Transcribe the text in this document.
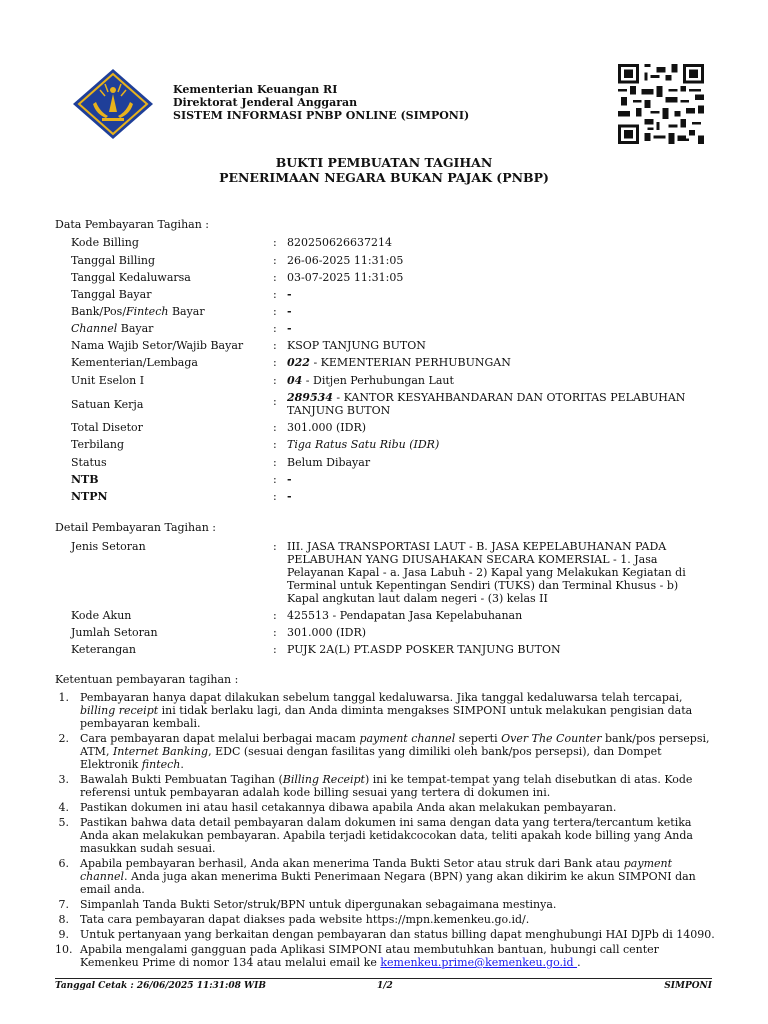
Kementerian Keuangan RI
Direktorat Jenderal Anggaran
SISTEM INFORMASI PNBP ONLINE (SIMPONI)
BUKTI PEMBUATAN TAGIHAN
PENERIMAAN NEGARA BUKAN PAJAK (PNBP)
Data Pembayaran Tagihan :
Kode Billing	: 820250626637214
Tanggal Billing	: 26-06-2025 11:31:05
Tanggal Kedaluwarsa	: 03-07-2025 11:31:05
Tanggal Bayar	: -
Bank/Pos/Fintech Bayar	: -
Channel Bayar	: -
Nama Wajib Setor/Wajib Bayar	: KSOP TANJUNG BUTON
Kementerian/Lembaga	: 022 - KEMENTERIAN PERHUBUNGAN
Unit Eselon I	: 04 - Ditjen Perhubungan Laut
Satuan Kerja	: 289534 - KANTOR KESYAHBANDARAN DAN OTORITAS PELABUHAN TANJUNG BUTON
Total Disetor	: 301.000 (IDR)
Terbilang	: Tiga Ratus Satu Ribu (IDR)
Status	: Belum Dibayar
NTB	: -
NTPN	: -
Detail Pembayaran Tagihan :
Jenis Setoran	: III. JASA TRANSPORTASI LAUT - B. JASA KEPELABUHANAN PADA PELABUHAN YANG DIUSAHAKAN SECARA KOMERSIAL - 1. Jasa Pelayanan Kapal - a. Jasa Labuh - 2) Kapal yang Melakukan Kegiatan di Terminal untuk Kepentingan Sendiri (TUKS) dan Terminal Khusus - b) Kapal angkutan laut dalam negeri - (3) kelas II
Kode Akun	: 425513 - Pendapatan Jasa Kepelabuhanan
Jumlah Setoran	: 301.000 (IDR)
Keterangan	: PUJK 2A(L) PT.ASDP POSKER TANJUNG BUTON
Ketentuan pembayaran tagihan :
1. Pembayaran hanya dapat dilakukan sebelum tanggal kedaluwarsa. Jika tanggal kedaluwarsa telah tercapai, billing receipt ini tidak berlaku lagi, dan Anda diminta mengakses SIMPONI untuk melakukan pengisian data pembayaran kembali.
2. Cara pembayaran dapat melalui berbagai macam payment channel seperti Over The Counter bank/pos persepsi, ATM, Internet Banking, EDC (sesuai dengan fasilitas yang dimiliki oleh bank/pos persepsi), dan Dompet Elektronik fintech.
3. Bawalah Bukti Pembuatan Tagihan (Billing Receipt) ini ke tempat-tempat yang telah disebutkan di atas. Kode referensi untuk pembayaran adalah kode billing sesuai yang tertera di dokumen ini.
4. Pastikan dokumen ini atau hasil cetakannya dibawa apabila Anda akan melakukan pembayaran.
5. Pastikan bahwa data detail pembayaran dalam dokumen ini sama dengan data yang tertera/tercantum ketika Anda akan melakukan pembayaran. Apabila terjadi ketidakcocokan data, teliti apakah kode billing yang Anda masukkan sudah sesuai.
6. Apabila pembayaran berhasil, Anda akan menerima Tanda Bukti Setor atau struk dari Bank atau payment channel. Anda juga akan menerima Bukti Penerimaan Negara (BPN) yang akan dikirim ke akun SIMPONI dan email anda.
7. Simpanlah Tanda Bukti Setor/struk/BPN untuk dipergunakan sebagaimana mestinya.
8. Tata cara pembayaran dapat diakses pada website https://mpn.kemenkeu.go.id/.
9. Untuk pertanyaan yang berkaitan dengan pembayaran dan status billing dapat menghubungi HAI DJPb di 14090.
10. Apabila mengalami gangguan pada Aplikasi SIMPONI atau membutuhkan bantuan, hubungi call center Kemenkeu Prime di nomor 134 atau melalui email ke kemenkeu.prime@kemenkeu.go.id .
Tanggal Cetak : 26/06/2025 11:31:08 WIB	1/2	SIMPONI
